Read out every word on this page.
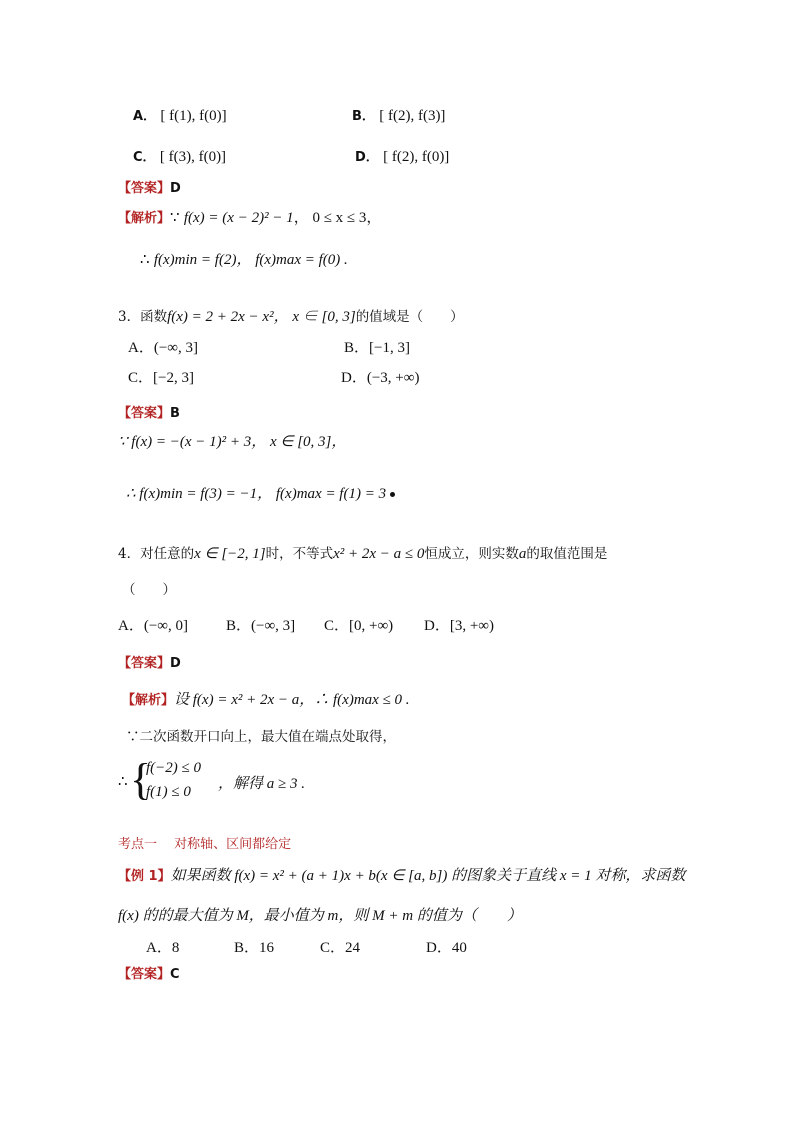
A． [ f(1), f(0)]	B． [ f(2), f(3)]
C． [ f(3), f(0)]	D． [ f(2), f(0)]
【答案】D
【解析】∵ f(x) = (x − 2)² − 1， 0 ≤ x ≤ 3，
∴ f(x)min = f(2)， f(x)max = f(0) .
3．函数f(x) = 2 + 2x − x²， x ∈ [0, 3]的值域是（　　）
A．(−∞, 3]	B．[−1, 3]
C．[−2, 3]	D．(−3, +∞)
【答案】B
∵ f(x) = −(x − 1)² + 3， x ∈ [0, 3]，
∴ f(x)min = f(3) = −1， f(x)max = f(1) = 3
4．对任意的x ∈ [−2, 1]时，不等式x² + 2x − a ≤ 0恒成立，则实数a的取值范围是
（　　）
A．(−∞, 0]	B．(−∞, 3] C．[0, +∞) D．[3, +∞)
【答案】D
【解析】设 f(x) = x² + 2x − a，∴ f(x)max ≤ 0 .
∵二次函数开口向上，最大值在端点处取得，
∴ {
f(−2) ≤ 0
f(1) ≤ 0 ，解得 a ≥ 3 .
考点一　 对称轴、区间都给定
【例 1】如果函数 f(x) = x² + (a + 1)x + b(x ∈ [a, b]) 的图象关于直线 x = 1 对称，求函数
f(x) 的的最大值为 M，最小值为 m，则 M + m 的值为（　　）
A．8	B．16	C．24	D．40
【答案】C
